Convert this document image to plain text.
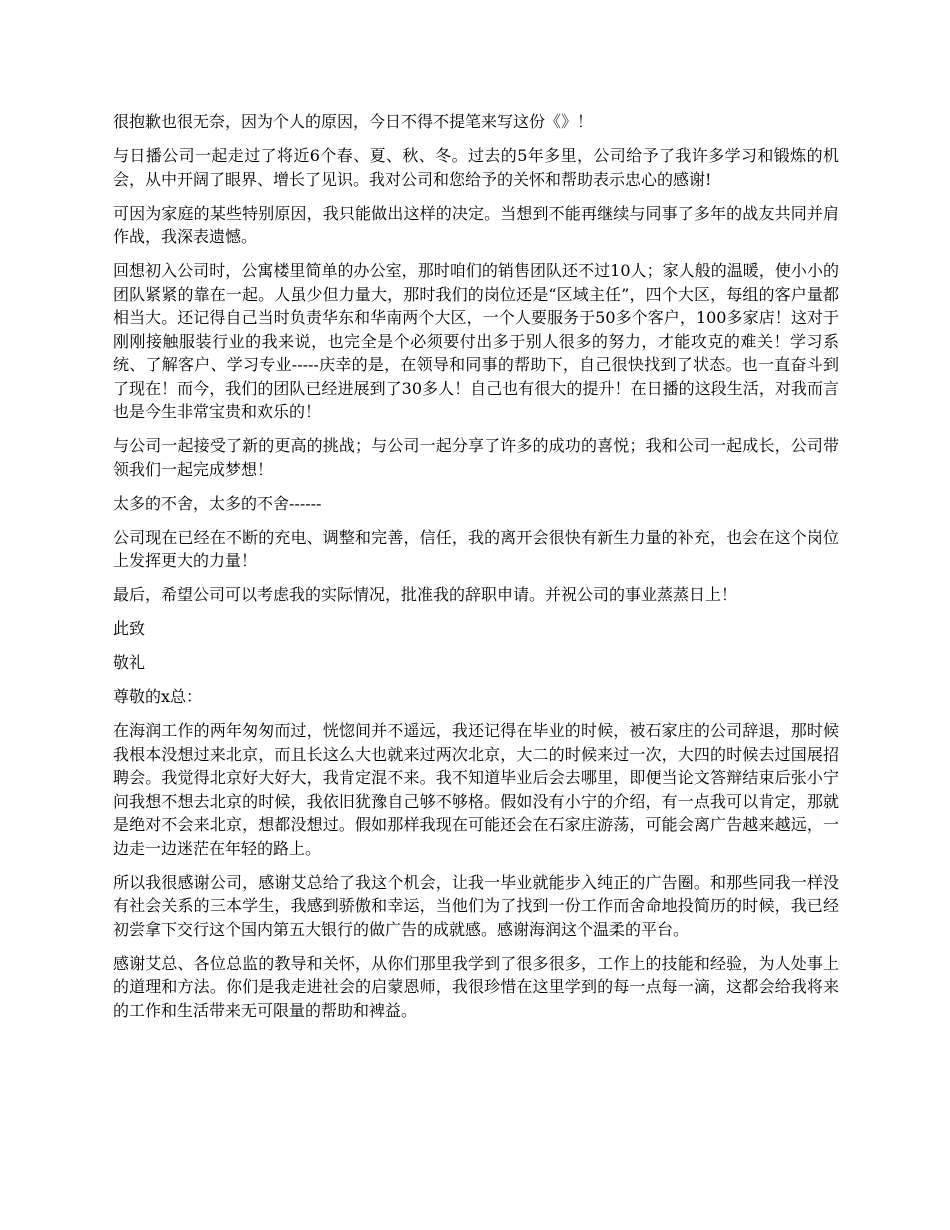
很抱歉也很无奈，因为个人的原因，今日不得不提笔来写这份《》！

与日播公司一起走过了将近6个春、夏、秋、冬。过去的5年多里，公司给予了我许多学习和锻炼的机会，从中开阔了眼界、增长了见识。我对公司和您给予的关怀和帮助表示忠心的感谢!

可因为家庭的某些特别原因，我只能做出这样的决定。当想到不能再继续与同事了多年的战友共同并肩作战，我深表遗憾。

回想初入公司时，公寓楼里简单的办公室，那时咱们的销售团队还不过10人；家人般的温暖，使小小的团队紧紧的靠在一起。人虽少但力量大，那时我们的岗位还是“区域主任”，四个大区，每组的客户量都相当大。还记得自己当时负责华东和华南两个大区，一个人要服务于50多个客户，100多家店！这对于刚刚接触服装行业的我来说，也完全是个必须要付出多于别人很多的努力，才能攻克的难关！学习系统、了解客户、学习专业-----庆幸的是，在领导和同事的帮助下，自己很快找到了状态。也一直奋斗到了现在！而今，我们的团队已经进展到了30多人！自己也有很大的提升！在日播的这段生活，对我而言也是今生非常宝贵和欢乐的！

与公司一起接受了新的更高的挑战；与公司一起分享了许多的成功的喜悦；我和公司一起成长，公司带领我们一起完成梦想！

太多的不舍，太多的不舍------

公司现在已经在不断的充电、调整和完善，信任，我的离开会很快有新生力量的补充，也会在这个岗位上发挥更大的力量！

最后，希望公司可以考虑我的实际情况，批准我的辞职申请。并祝公司的事业蒸蒸日上！

此致

敬礼

尊敬的x总：

在海润工作的两年匆匆而过，恍惚间并不遥远，我还记得在毕业的时候，被石家庄的公司辞退，那时候我根本没想过来北京，而且长这么大也就来过两次北京，大二的时候来过一次，大四的时候去过国展招聘会。我觉得北京好大好大，我肯定混不来。我不知道毕业后会去哪里，即便当论文答辩结束后张小宁问我想不想去北京的时候，我依旧犹豫自己够不够格。假如没有小宁的介绍，有一点我可以肯定，那就是绝对不会来北京，想都没想过。假如那样我现在可能还会在石家庄游荡，可能会离广告越来越远，一边走一边迷茫在年轻的路上。

所以我很感谢公司，感谢艾总给了我这个机会，让我一毕业就能步入纯正的广告圈。和那些同我一样没有社会关系的三本学生，我感到骄傲和幸运，当他们为了找到一份工作而舍命地投简历的时候，我已经初尝拿下交行这个国内第五大银行的做广告的成就感。感谢海润这个温柔的平台。

感谢艾总、各位总监的教导和关怀，从你们那里我学到了很多很多，工作上的技能和经验，为人处事上的道理和方法。你们是我走进社会的启蒙恩师，我很珍惜在这里学到的每一点每一滴，这都会给我将来的工作和生活带来无可限量的帮助和裨益。
